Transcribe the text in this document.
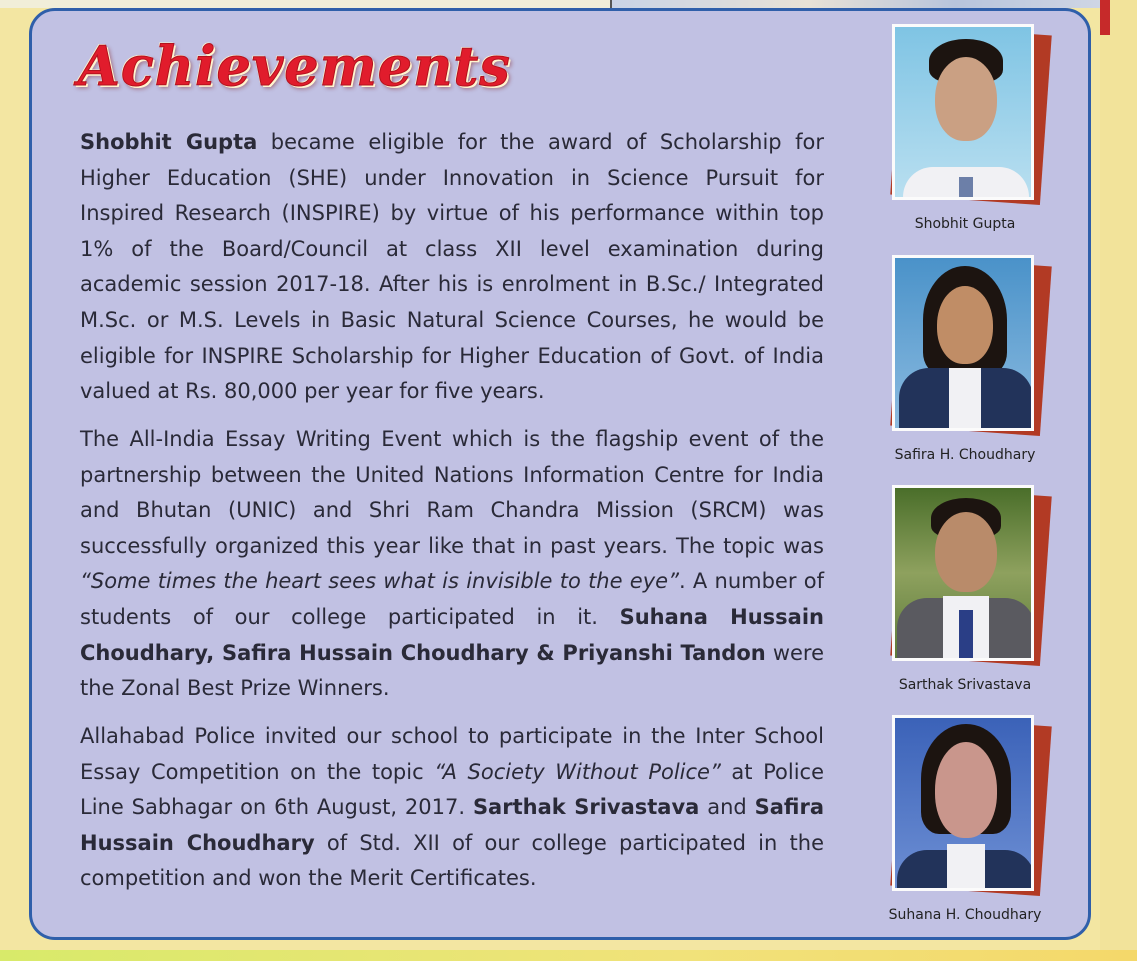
Achievements
Shobhit Gupta became eligible for the award of Scholarship for Higher Education (SHE) under Innovation in Science Pursuit for Inspired Research (INSPIRE) by virtue of his performance within top 1% of the Board/Council at class XII level examination during academic session 2017-18. After his is enrolment in B.Sc./ Integrated M.Sc. or M.S. Levels in Basic Natural Science Courses, he would be eligible for INSPIRE Scholarship for Higher Education of Govt. of India valued at Rs. 80,000 per year for five years.
The All-India Essay Writing Event which is the flagship event of the partnership between the United Nations Information Centre for India and Bhutan (UNIC) and Shri Ram Chandra Mission (SRCM) was successfully organized this year like that in past years. The topic was “Some times the heart sees what is invisible to the eye”. A number of students of our college participated in it. Suhana Hussain Choudhary, Safira Hussain Choudhary & Priyanshi Tandon were the Zonal Best Prize Winners.
Allahabad Police invited our school to participate in the Inter School Essay Competition on the topic “A Society Without Police” at Police Line Sabhagar on 6th August, 2017. Sarthak Srivastava and Safira Hussain Choudhary of Std. XII of our college participated in the competition and won the Merit Certificates.
Shobhit Gupta
Safira H. Choudhary
Sarthak Srivastava
Suhana H. Choudhary
